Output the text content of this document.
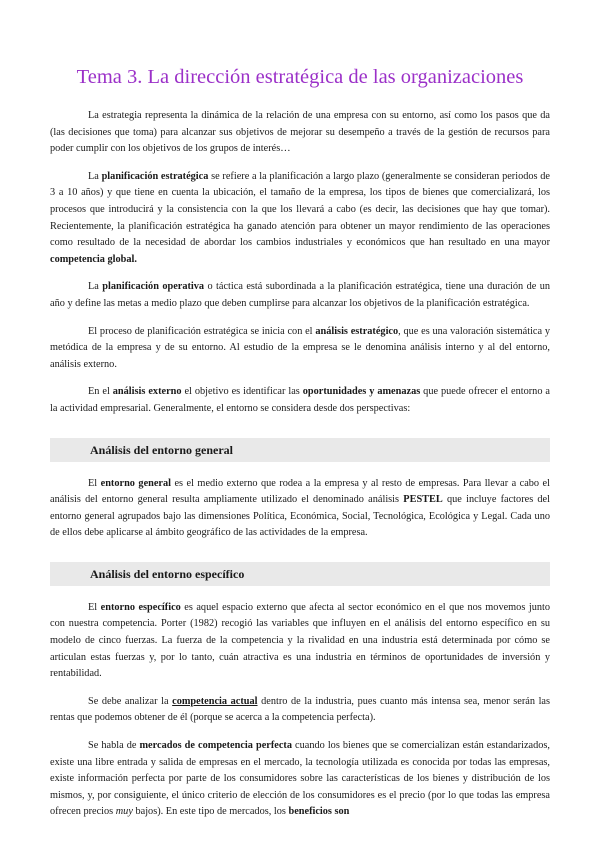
Tema 3. La dirección estratégica de las organizaciones

La estrategia representa la dinámica de la relación de una empresa con su entorno, así como los pasos que da (las decisiones que toma) para alcanzar sus objetivos de mejorar su desempeño a través de la gestión de recursos para poder cumplir con los objetivos de los grupos de interés…

La planificación estratégica se refiere a la planificación a largo plazo (generalmente se consideran periodos de 3 a 10 años) y que tiene en cuenta la ubicación, el tamaño de la empresa, los tipos de bienes que comercializará, los procesos que introducirá y la consistencia con la que los llevará a cabo (es decir, las decisiones que hay que tomar). Recientemente, la planificación estratégica ha ganado atención para obtener un mayor rendimiento de las operaciones como resultado de la necesidad de abordar los cambios industriales y económicos que han resultado en una mayor competencia global.

La planificación operativa o táctica está subordinada a la planificación estratégica, tiene una duración de un año y define las metas a medio plazo que deben cumplirse para alcanzar los objetivos de la planificación estratégica.

El proceso de planificación estratégica se inicia con el análisis estratégico, que es una valoración sistemática y metódica de la empresa y de su entorno. Al estudio de la empresa se le denomina análisis interno y al del entorno, análisis externo.

En el análisis externo el objetivo es identificar las oportunidades y amenazas que puede ofrecer el entorno a la actividad empresarial. Generalmente, el entorno se considera desde dos perspectivas:

Análisis del entorno general

El entorno general es el medio externo que rodea a la empresa y al resto de empresas. Para llevar a cabo el análisis del entorno general resulta ampliamente utilizado el denominado análisis PESTEL que incluye factores del entorno general agrupados bajo las dimensiones Política, Económica, Social, Tecnológica, Ecológica y Legal. Cada uno de ellos debe aplicarse al ámbito geográfico de las actividades de la empresa.

Análisis del entorno específico

El entorno específico es aquel espacio externo que afecta al sector económico en el que nos movemos junto con nuestra competencia. Porter (1982) recogió las variables que influyen en el análisis del entorno específico en su modelo de cinco fuerzas. La fuerza de la competencia y la rivalidad en una industria está determinada por cómo se articulan estas fuerzas y, por lo tanto, cuán atractiva es una industria en términos de oportunidades de inversión y rentabilidad.

Se debe analizar la competencia actual dentro de la industria, pues cuanto más intensa sea, menor serán las rentas que podemos obtener de él (porque se acerca a la competencia perfecta).

Se habla de mercados de competencia perfecta cuando los bienes que se comercializan están estandarizados, existe una libre entrada y salida de empresas en el mercado, la tecnología utilizada es conocida por todas las empresas, existe información perfecta por parte de los consumidores sobre las características de los bienes y distribución de los mismos, y, por consiguiente, el único criterio de elección de los consumidores es el precio (por lo que todas las empresa ofrecen precios muy bajos). En este tipo de mercados, los beneficios son
